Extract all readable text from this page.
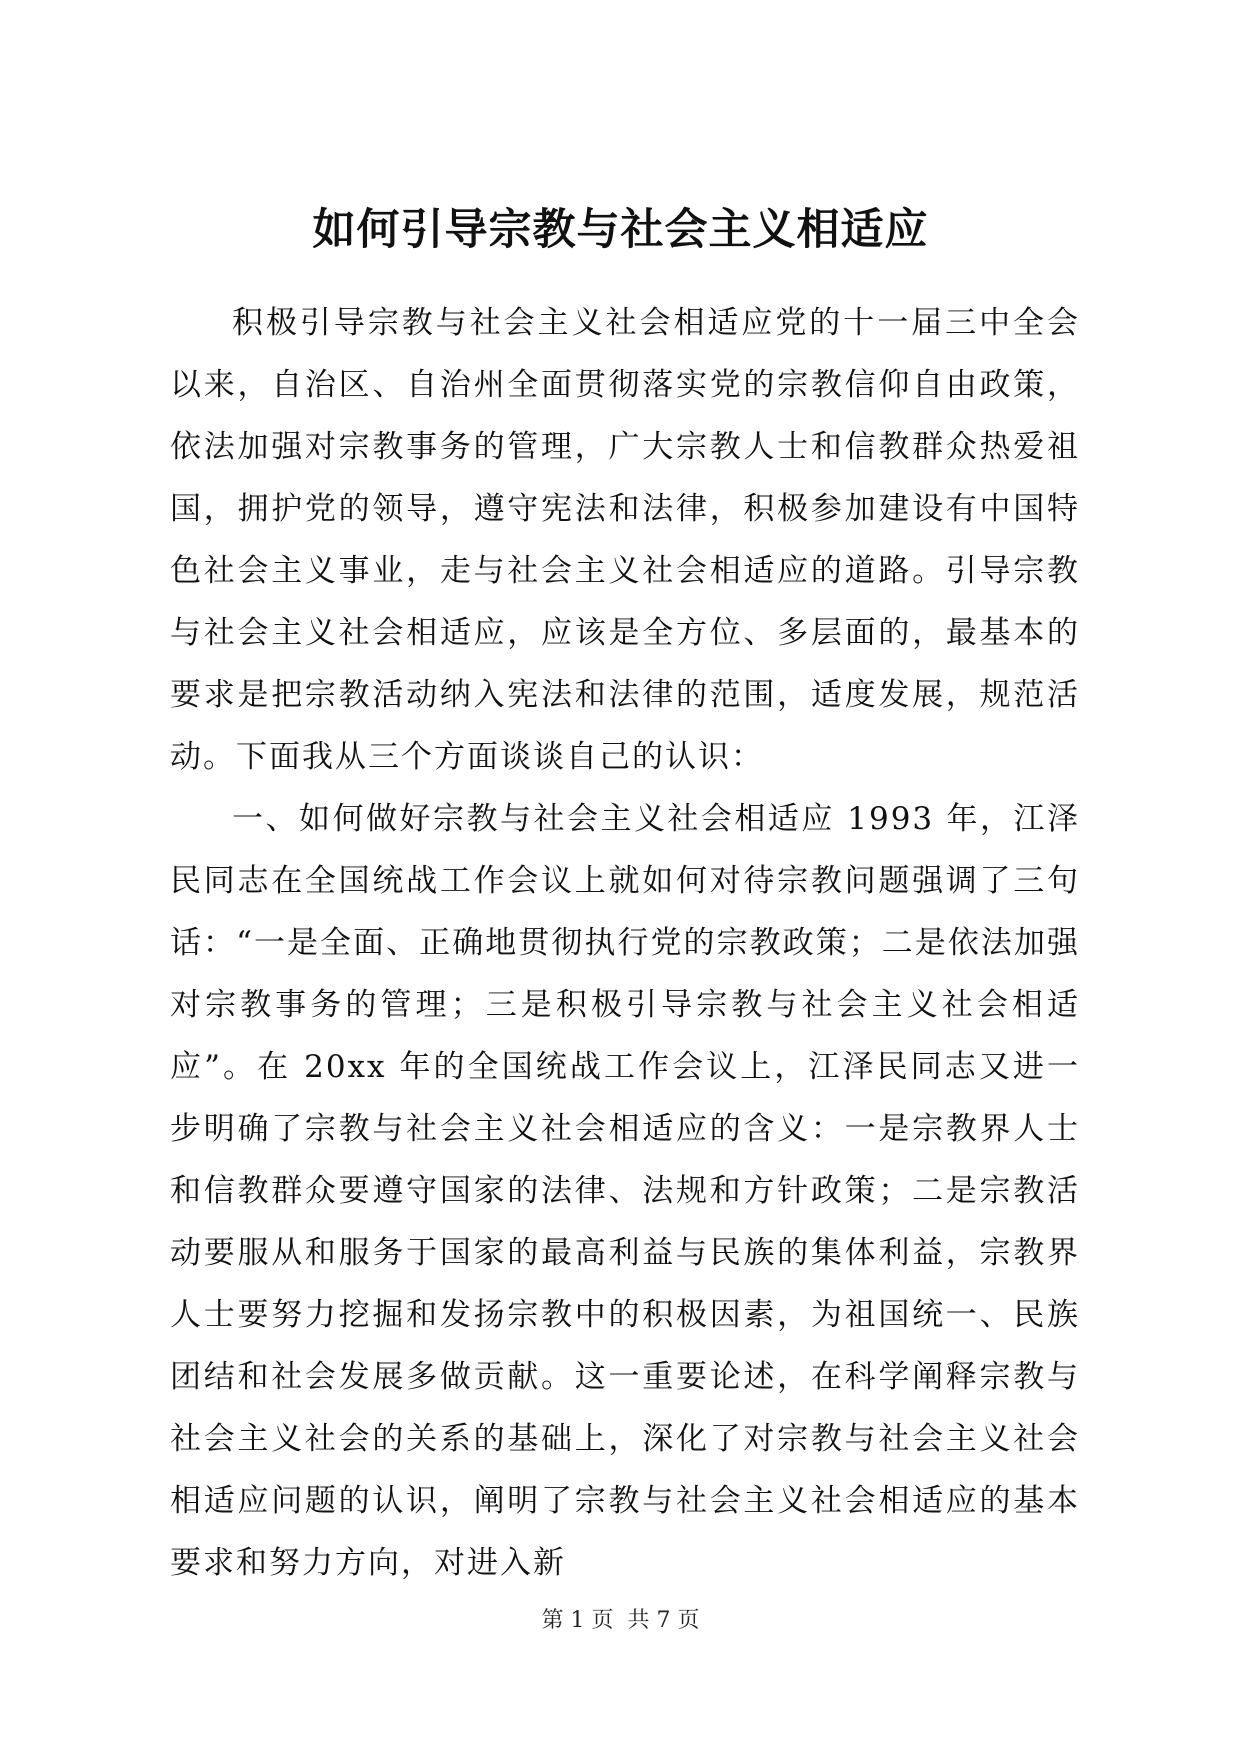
如何引导宗教与社会主义相适应

积极引导宗教与社会主义社会相适应党的十一届三中全会以来，自治区、自治州全面贯彻落实党的宗教信仰自由政策，依法加强对宗教事务的管理，广大宗教人士和信教群众热爱祖国，拥护党的领导，遵守宪法和法律，积极参加建设有中国特色社会主义事业，走与社会主义社会相适应的道路。引导宗教与社会主义社会相适应，应该是全方位、多层面的，最基本的要求是把宗教活动纳入宪法和法律的范围，适度发展，规范活动。下面我从三个方面谈谈自己的认识：

一、如何做好宗教与社会主义社会相适应 1993 年，江泽民同志在全国统战工作会议上就如何对待宗教问题强调了三句话：“一是全面、正确地贯彻执行党的宗教政策；二是依法加强对宗教事务的管理；三是积极引导宗教与社会主义社会相适应”。在 20xx 年的全国统战工作会议上，江泽民同志又进一步明确了宗教与社会主义社会相适应的含义：一是宗教界人士和信教群众要遵守国家的法律、法规和方针政策；二是宗教活动要服从和服务于国家的最高利益与民族的集体利益，宗教界人士要努力挖掘和发扬宗教中的积极因素，为祖国统一、民族团结和社会发展多做贡献。这一重要论述，在科学阐释宗教与社会主义社会的关系的基础上，深化了对宗教与社会主义社会相适应问题的认识，阐明了宗教与社会主义社会相适应的基本要求和努力方向，对进入新

第 1 页  共 7 页
